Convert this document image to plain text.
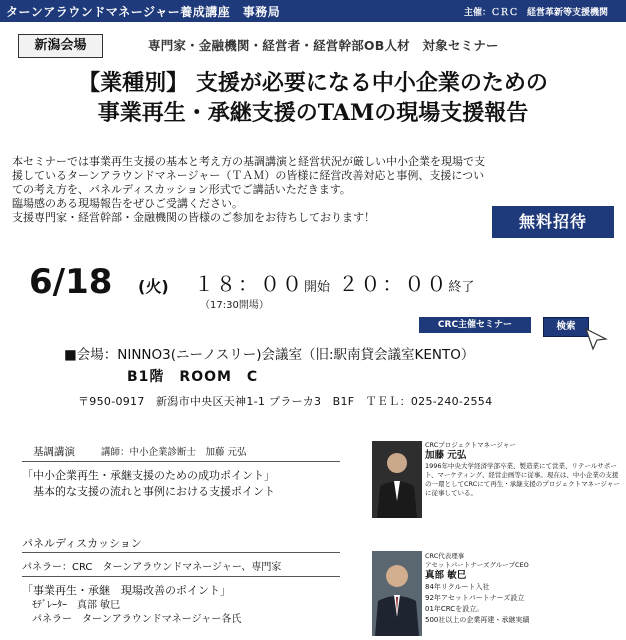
ターンアラウンドマネージャー養成講座　事務局	主催：ＣＲＣ　経営革新等支援機関
新潟会場	専門家・金融機関・経営者・経営幹部OB人材　対象セミナー
【業種別】 支援が必要になる中小企業のための
事業再生・承継支援のTAMの現場支援報告

本セミナーでは事業再生支援の基本と考え方の基調講演と経営状況が厳しい中小企業を現場で支

援しているターンアラウンドマネージャー（ＴＡＭ）の皆様に経営改善対応と事例、支援につい

ての考え方を、パネルディスカッション形式でご講話いただきます。

臨場感のある現場報告をぜひご受講ください。

支援専門家・経営幹部・金融機関の皆様のご参加をお待ちしております！	無料招待
6/18 (火) １８：００開始 ２０：００終了
（17:30開場）
CRC主催セミナー	検索
■会場：NINNO3(ニーノスリー)会議室（旧:駅南貸会議室KENTO）
B1階　ROOM　C
〒950-0917　新潟市中央区天神1-1 プラーカ3　B1F　ＴＥＬ：025-240-2554
基調講演	講師：中小企業診断士　加藤 元弘
「中小企業再生・承継支援のための成功ポイント」
　基本的な支援の流れと事例における支援ポイント
パネルディスカッション
パネラー：CRC　ターンアラウンドマネージャー、専門家
「事業再生・承継　現場改善のポイント」
　ﾓﾃﾞﾚｰﾀｰ　真部 敏巳
　パネラー　ターンアラウンドマネージャー各氏
CRCプロジェクトマネージャー
加藤 元弘
1996年中央大学経済学部卒業、製造業にて営業、リテールサポート、マーケティング、経営企画等に従事。現在は、中小企業の支援の一環としてCRCにて再生・承継支援のプロジェクトマネージャーに従事している。
CRC代表理事
アセットパートナーズグループCEO
真部 敏巳
84年リクルート入社
92年アセットパートナーズ設立
01年CRCを設立。
500社以上の企業再建・承継実績
